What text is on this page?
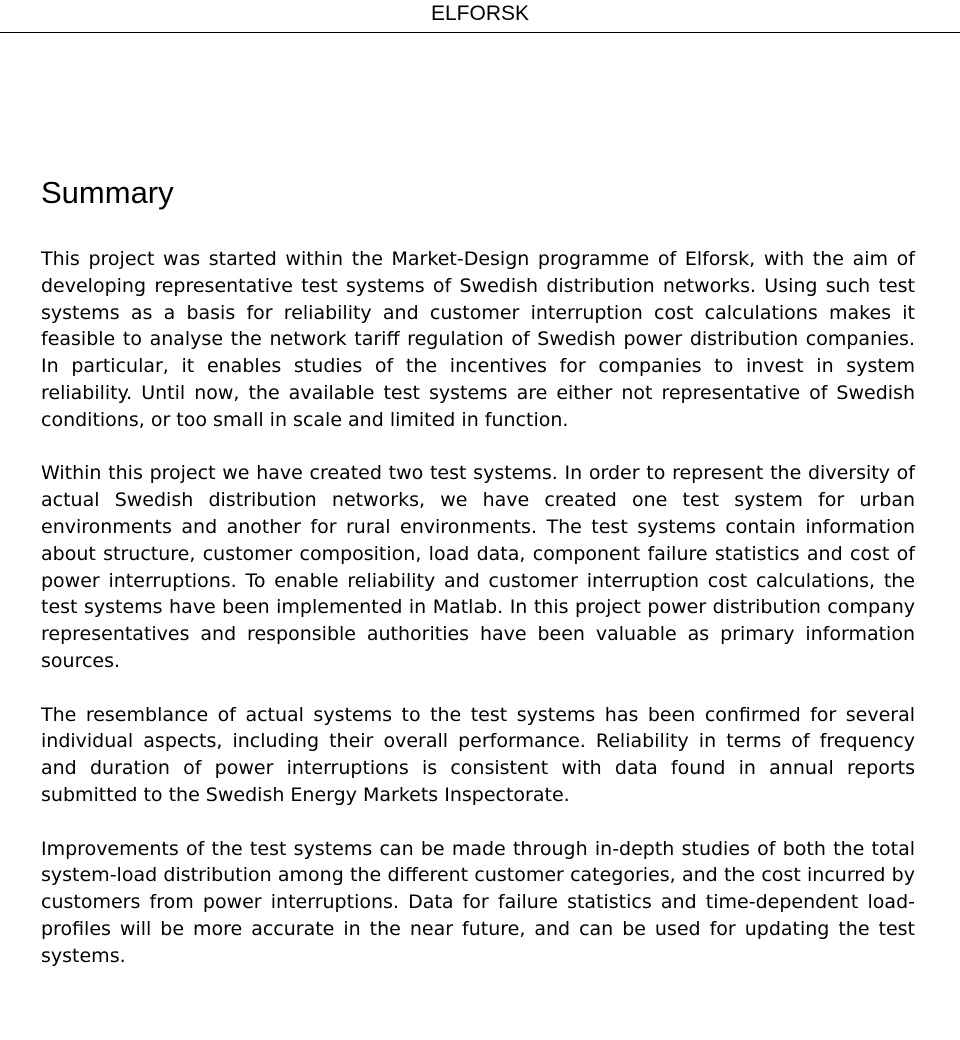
ELFORSK
Summary

This project was started within the Market-Design programme of Elforsk, with the aim of developing representative test systems of Swedish distribution networks. Using such test systems as a basis for reliability and customer interruption cost calculations makes it feasible to analyse the network tariff regulation of Swedish power distribution companies. In particular, it enables studies of the incentives for companies to invest in system reliability. Until now, the available test systems are either not representative of Swedish conditions, or too small in scale and limited in function.

Within this project we have created two test systems. In order to represent the diversity of actual Swedish distribution networks, we have created one test system for urban environments and another for rural environments. The test systems contain information about structure, customer composition, load data, component failure statistics and cost of power interruptions. To enable reliability and customer interruption cost calculations, the test systems have been implemented in Matlab. In this project power distribution company representatives and responsible authorities have been valuable as primary information sources.

The resemblance of actual systems to the test systems has been confirmed for several individual aspects, including their overall performance. Reliability in terms of frequency and duration of power interruptions is consistent with data found in annual reports submitted to the Swedish Energy Markets Inspectorate.

Improvements of the test systems can be made through in-depth studies of both the total system-load distribution among the different customer categories, and the cost incurred by customers from power interruptions. Data for failure statistics and time-dependent load-profiles will be more accurate in the near future, and can be used for updating the test systems.
